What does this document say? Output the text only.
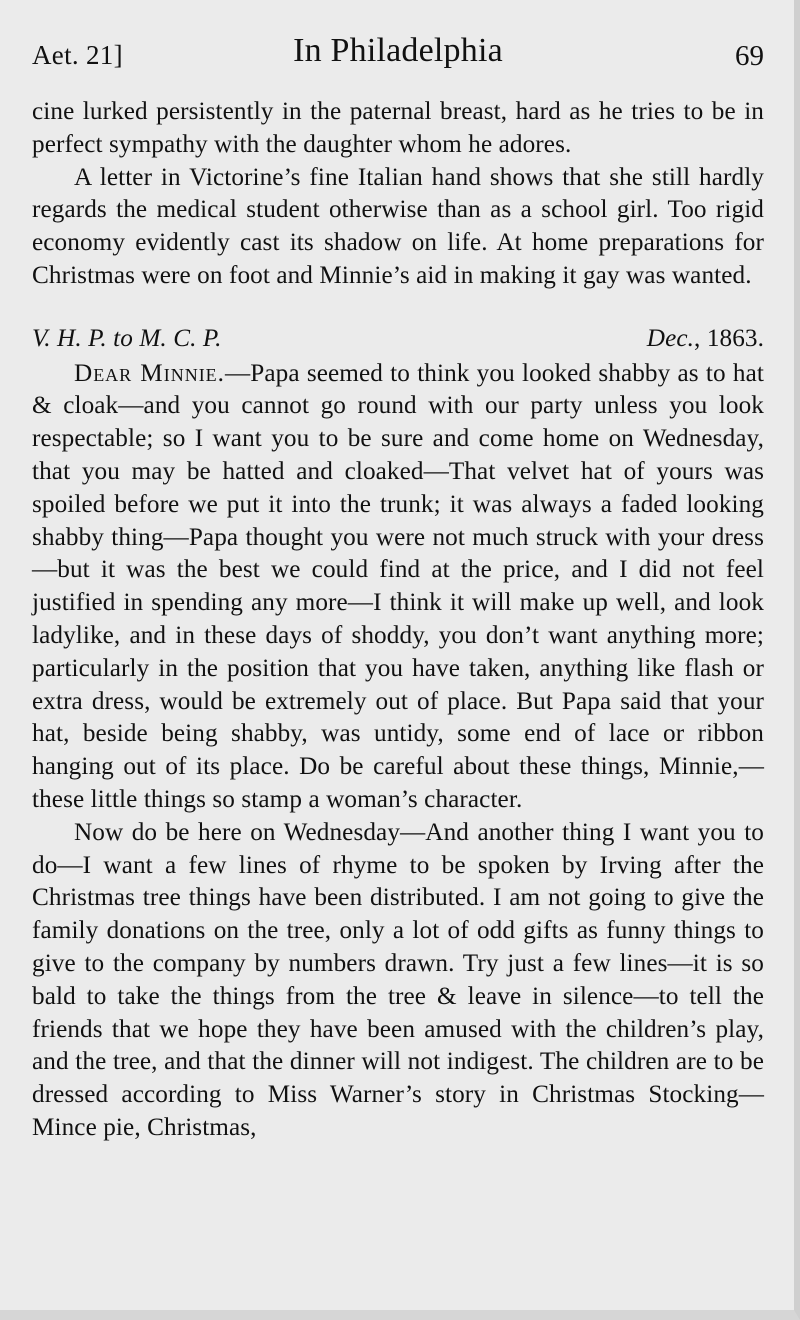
Aet. 21]	In Philadelphia	69

cine lurked persistently in the paternal breast, hard as he tries to be in perfect sympathy with the daughter whom he adores.

A letter in Victorine’s fine Italian hand shows that she still hardly regards the medical student otherwise than as a school girl. Too rigid economy evidently cast its shadow on life. At home preparations for Christmas were on foot and Minnie’s aid in making it gay was wanted.

V. H. P. to M. C. P.	Dec., 1863.

Dear Minnie.—Papa seemed to think you looked shabby as to hat & cloak—and you cannot go round with our party unless you look respectable; so I want you to be sure and come home on Wednesday, that you may be hatted and cloaked—That velvet hat of yours was spoiled before we put it into the trunk; it was always a faded looking shabby thing—Papa thought you were not much struck with your dress—but it was the best we could find at the price, and I did not feel justified in spending any more—I think it will make up well, and look ladylike, and in these days of shoddy, you don’t want anything more; particularly in the position that you have taken, anything like flash or extra dress, would be extremely out of place. But Papa said that your hat, beside being shabby, was untidy, some end of lace or ribbon hanging out of its place. Do be careful about these things, Minnie,—these little things so stamp a woman’s character.

Now do be here on Wednesday—And another thing I want you to do—I want a few lines of rhyme to be spoken by Irving after the Christmas tree things have been distributed. I am not going to give the family donations on the tree, only a lot of odd gifts as funny things to give to the company by numbers drawn. Try just a few lines—it is so bald to take the things from the tree & leave in silence—to tell the friends that we hope they have been amused with the children’s play, and the tree, and that the dinner will not indigest. The children are to be dressed according to Miss Warner’s story in Christmas Stocking—Mince pie, Christmas,
